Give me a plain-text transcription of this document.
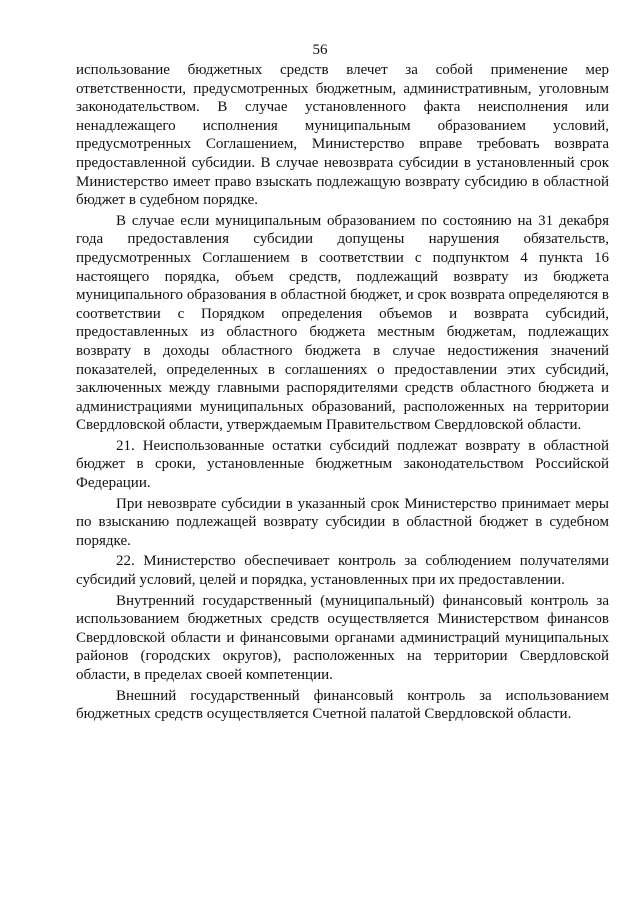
56

использование бюджетных средств влечет за собой применение мер ответственности, предусмотренных бюджетным, административным, уголовным законодательством. В случае установленного факта неисполнения или ненадлежащего исполнения муниципальным образованием условий, предусмотренных Соглашением, Министерство вправе требовать возврата предоставленной субсидии. В случае невозврата субсидии в установленный срок Министерство имеет право взыскать подлежащую возврату субсидию в областной бюджет в судебном порядке.

В случае если муниципальным образованием по состоянию на 31 декабря года предоставления субсидии допущены нарушения обязательств, предусмотренных Соглашением в соответствии с подпунктом 4 пункта 16 настоящего порядка, объем средств, подлежащий возврату из бюджета муниципального образования в областной бюджет, и срок возврата определяются в соответствии с Порядком определения объемов и возврата субсидий, предоставленных из областного бюджета местным бюджетам, подлежащих возврату в доходы областного бюджета в случае недостижения значений показателей, определенных в соглашениях о предоставлении этих субсидий, заключенных между главными распорядителями средств областного бюджета и администрациями муниципальных образований, расположенных на территории Свердловской области, утверждаемым Правительством Свердловской области.

21. Неиспользованные остатки субсидий подлежат возврату в областной бюджет в сроки, установленные бюджетным законодательством Российской Федерации.

При невозврате субсидии в указанный срок Министерство принимает меры по взысканию подлежащей возврату субсидии в областной бюджет в судебном порядке.

22. Министерство обеспечивает контроль за соблюдением получателями субсидий условий, целей и порядка, установленных при их предоставлении.

Внутренний государственный (муниципальный) финансовый контроль за использованием бюджетных средств осуществляется Министерством финансов Свердловской области и финансовыми органами администраций муниципальных районов (городских округов), расположенных на территории Свердловской области, в пределах своей компетенции.

Внешний государственный финансовый контроль за использованием бюджетных средств осуществляется Счетной палатой Свердловской области.
